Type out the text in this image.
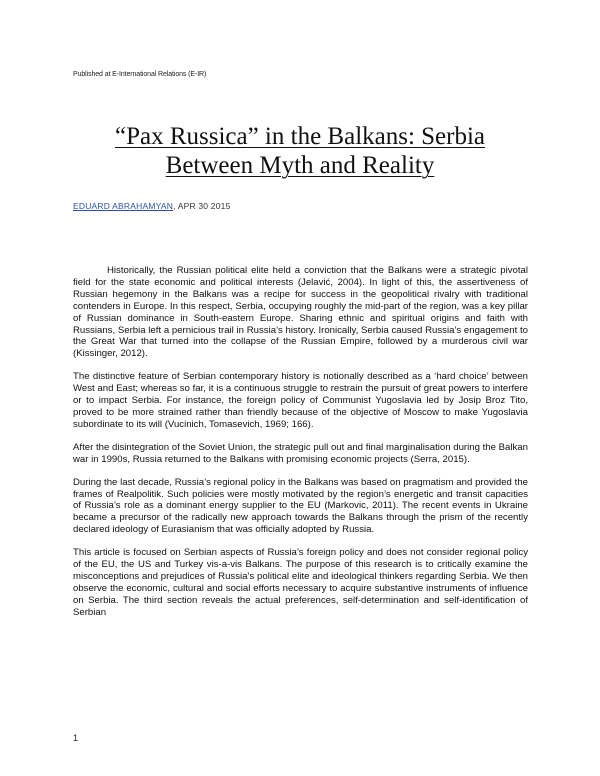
Published at E-International Relations (E-IR)
“Pax Russica” in the Balkans: Serbia
Between Myth and Reality
EDUARD ABRAHAMYAN, APR 30 2015

Historically, the Russian political elite held a conviction that the Balkans were a strategic pivotal field for the state economic and political interests (Jelavić, 2004). In light of this, the assertiveness of Russian hegemony in the Balkans was a recipe for success in the geopolitical rivalry with traditional contenders in Europe. In this respect, Serbia, occupying roughly the mid-part of the region, was a key pillar of Russian dominance in South-eastern Europe. Sharing ethnic and spiritual origins and faith with Russians, Serbia left a pernicious trail in Russia’s history. Ironically, Serbia caused Russia’s engagement to the Great War that turned into the collapse of the Russian Empire, followed by a murderous civil war (Kissinger, 2012).

The distinctive feature of Serbian contemporary history is notionally described as a ‘hard choice’ between West and East; whereas so far, it is a continuous struggle to restrain the pursuit of great powers to interfere or to impact Serbia. For instance, the foreign policy of Communist Yugoslavia led by Josip Broz Tito, proved to be more strained rather than friendly because of the objective of Moscow to make Yugoslavia subordinate to its will (Vucinich, Tomasevich, 1969; 166).

After the disintegration of the Soviet Union, the strategic pull out and final marginalisation during the Balkan war in 1990s, Russia returned to the Balkans with promising economic projects (Serra, 2015).

During the last decade, Russia’s regional policy in the Balkans was based on pragmatism and provided the frames of Realpolitik. Such policies were mostly motivated by the region’s energetic and transit capacities of Russia’s role as a dominant energy supplier to the EU (Markovic, 2011). The recent events in Ukraine became a precursor of the radically new approach towards the Balkans through the prism of the recently declared ideology of Eurasianism that was officially adopted by Russia.

This article is focused on Serbian aspects of Russia’s foreign policy and does not consider regional policy of the EU, the US and Turkey vis-a-vis Balkans. The purpose of this research is to critically examine the misconceptions and prejudices of Russia’s political elite and ideological thinkers regarding Serbia. We then observe the economic, cultural and social efforts necessary to acquire substantive instruments of influence on Serbia. The third section reveals the actual preferences, self-determination and self-identification of Serbian

1
